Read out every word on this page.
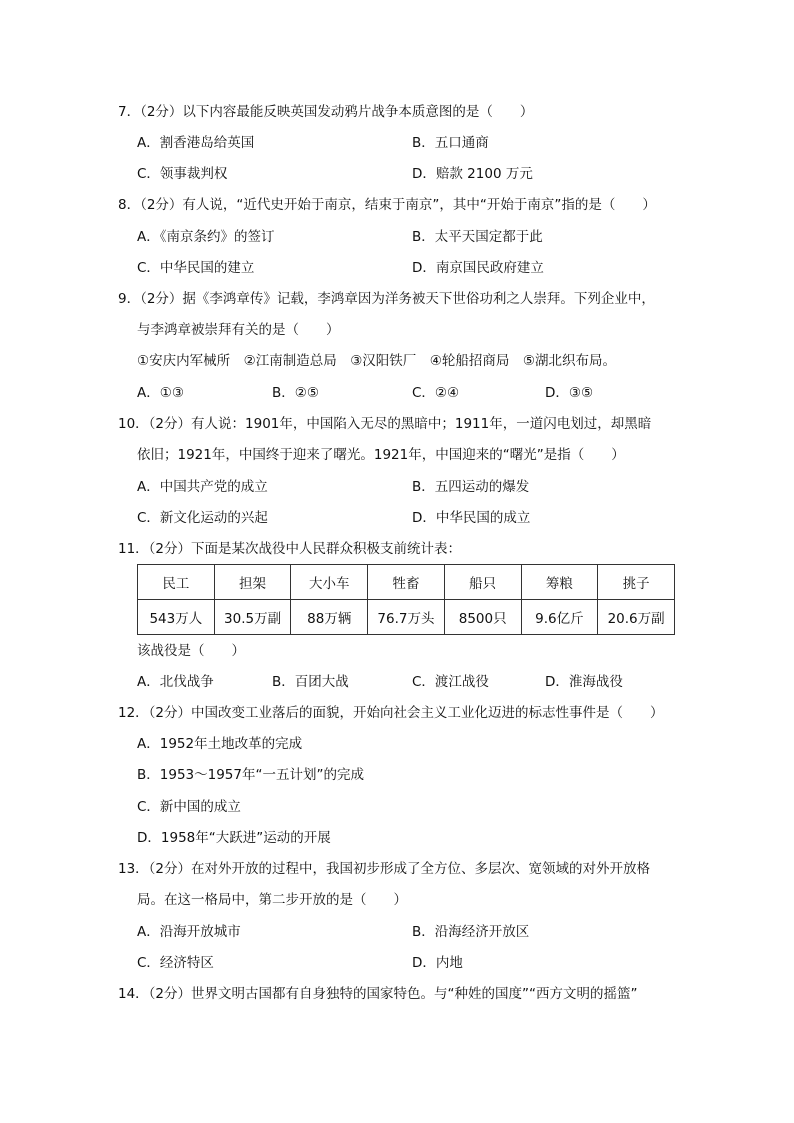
7．（2分）以下内容最能反映英国发动鸦片战争本质意图的是（　　）
A．割香港岛给英国	B．五口通商
C．领事裁判权	D．赔款 2100 万元
8．（2分）有人说，“近代史开始于南京，结束于南京”，其中“开始于南京”指的是（　　）
A．《南京条约》的签订	B．太平天国定都于此
C．中华民国的建立	D．南京国民政府建立
9．（2分）据《李鸿章传》记载，李鸿章因为洋务被天下世俗功利之人崇拜。下列企业中，
与李鸿章被崇拜有关的是（　　）
①安庆内军械所　②江南制造总局　③汉阳铁厂　④轮船招商局　⑤湖北织布局。
A．①③	B．②⑤	C．②④	D．③⑤
10．（2分）有人说：1901年，中国陷入无尽的黑暗中；1911年，一道闪电划过，却黑暗
依旧；1921年，中国终于迎来了曙光。1921年，中国迎来的“曙光”是指（　　）
A．中国共产党的成立	B．五四运动的爆发
C．新文化运动的兴起	D．中华民国的成立
11．（2分）下面是某次战役中人民群众积极支前统计表：
民工	担架	大小车	牲畜	船只	筹粮	挑子
543万人	30.5万副	88万辆	76.7万头	8500只	9.6亿斤	20.6万副
该战役是（　　）
A．北伐战争	B．百团大战	C．渡江战役	D．淮海战役
12．（2分）中国改变工业落后的面貌，开始向社会主义工业化迈进的标志性事件是（　　）
A．1952年土地改革的完成
B．1953～1957年“一五计划”的完成
C．新中国的成立
D．1958年“大跃进”运动的开展
13．（2分）在对外开放的过程中，我国初步形成了全方位、多层次、宽领域的对外开放格
局。在这一格局中，第二步开放的是（　　）
A．沿海开放城市	B．沿海经济开放区
C．经济特区	D．内地
14．（2分）世界文明古国都有自身独特的国家特色。与“种姓的国度”“西方文明的摇篮”
